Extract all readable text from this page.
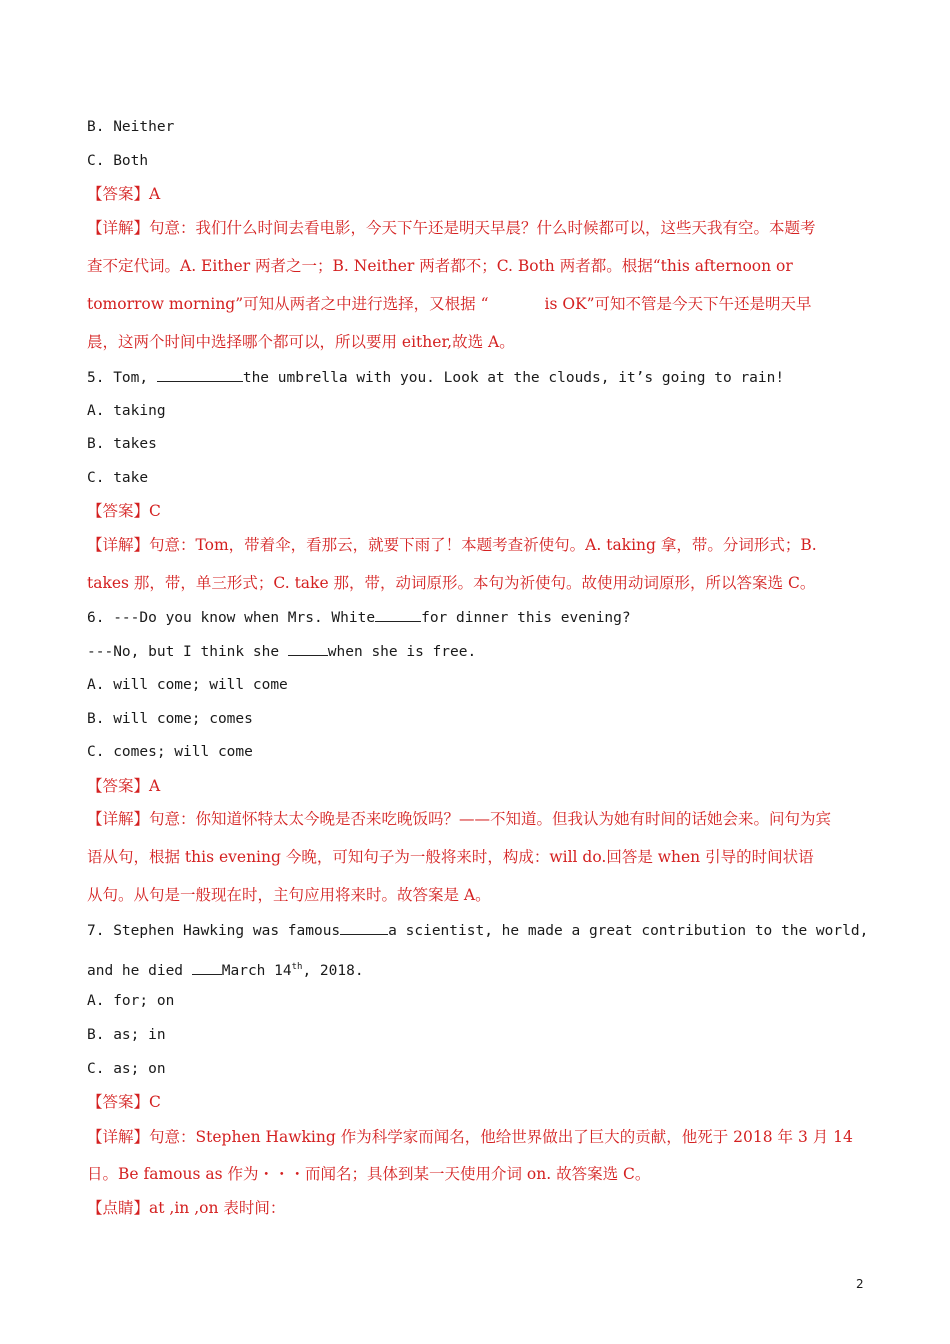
B. Neither
C. Both
【答案】A
【详解】句意：我们什么时间去看电影，今天下午还是明天早晨？什么时候都可以，这些天我有空。本题考
查不定代词。A. Either 两者之一；B. Neither 两者都不；C. Both 两者都。根据“this afternoon or
tomorrow morning”可知从两者之中进行选择，又根据 “	is OK”可知不管是今天下午还是明天早
晨，这两个时间中选择哪个都可以，所以要用 either,故选 A。
5. Tom,	the umbrella with you. Look at the clouds, it’s going to rain!
A. taking
B. takes
C. take
【答案】C
【详解】句意：Tom，带着伞，看那云，就要下雨了！本题考查祈使句。A. taking 拿，带。分词形式；B.
takes 那，带，单三形式；C. take 那，带，动词原形。本句为祈使句。故使用动词原形，所以答案选 C。
6. ---Do you know when Mrs. White	for dinner this evening?
---No, but I think she	when she is free.
A. will come; will come
B. will come; comes
C. comes; will come
【答案】A
【详解】句意：你知道怀特太太今晚是否来吃晚饭吗？——不知道。但我认为她有时间的话她会来。问句为宾
语从句，根据 this evening 今晚，可知句子为一般将来时，构成：will do.回答是 when 引导的时间状语
从句。从句是一般现在时，主句应用将来时。故答案是 A。
7. Stephen Hawking was famous	a scientist, he made a great contribution to the world,
and he died March 14th, 2018.
A. for; on
B. as; in
C. as; on
【答案】C
【详解】句意：Stephen Hawking 作为科学家而闻名，他给世界做出了巨大的贡献，他死于 2018 年 3 月 14
日。Be famous as 作为・・・而闻名；具体到某一天使用介词 on. 故答案选 C。
【点睛】at ,in ,on 表时间：
2
